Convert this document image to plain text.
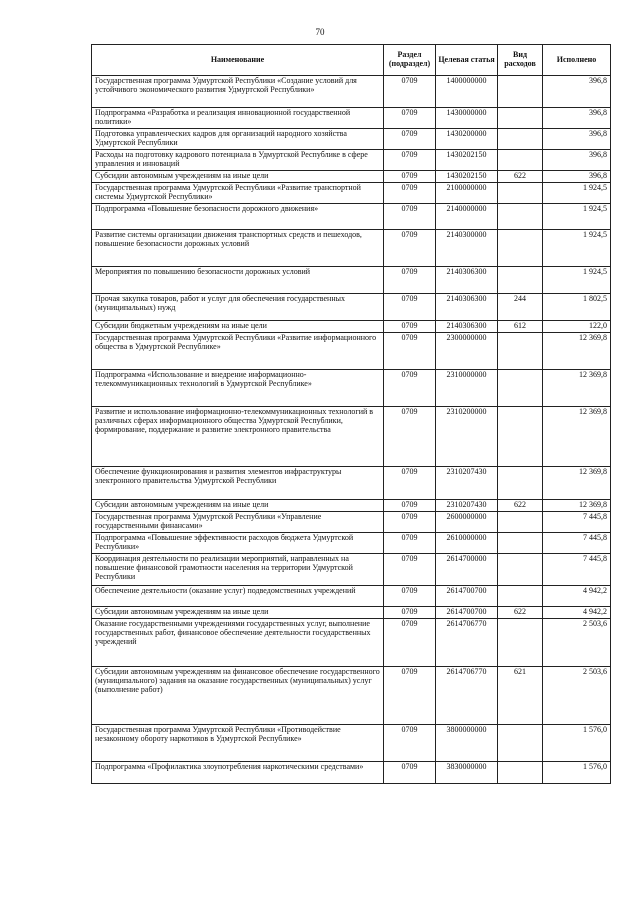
70
Наименование	Раздел (подраздел)	Целевая статья	Вид расходов	Исполнено
Государственная программа Удмуртской Республики «Создание условий для устойчивого экономического развития Удмуртской Республики»	0709	1400000000		396,8
Подпрограмма «Разработка и реализация инновационной государственной политики»	0709	1430000000		396,8
Подготовка управленческих кадров для организаций народного хозяйства Удмуртской Республики	0709	1430200000		396,8
Расходы на подготовку кадрового потенциала в Удмуртской Республике в сфере управления и инноваций	0709	1430202150		396,8
Субсидии автономным учреждениям на иные цели	0709	1430202150	622	396,8
Государственная программа Удмуртской Республики «Развитие транспортной системы Удмуртской Республики»	0709	2100000000		1 924,5
Подпрограмма «Повышение безопасности дорожного движения»	0709	2140000000		1 924,5
Развитие системы организации движения транспортных средств и пешеходов, повышение безопасности дорожных условий	0709	2140300000		1 924,5
Мероприятия по повышению безопасности дорожных условий	0709	2140306300		1 924,5
Прочая закупка товаров, работ и услуг для обеспечения государственных (муниципальных) нужд	0709	2140306300	244	1 802,5
Субсидии бюджетным учреждениям на иные цели	0709	2140306300	612	122,0
Государственная программа Удмуртской Республики «Развитие информационного общества в Удмуртской Республике»	0709	2300000000		12 369,8
Подпрограмма «Использование и внедрение информационно-телекоммуникационных технологий в Удмуртской Республике»	0709	2310000000		12 369,8
Развитие и использование информационно-телекоммуникационных технологий в различных сферах информационного общества Удмуртской Республики, формирование, поддержание и развитие электронного правительства	0709	2310200000		12 369,8
Обеспечение функционирования и развития элементов инфраструктуры электронного правительства Удмуртской Республики	0709	2310207430		12 369,8
Субсидии автономным учреждениям на иные цели	0709	2310207430	622	12 369,8
Государственная программа Удмуртской Республики «Управление государственными финансами»	0709	2600000000		7 445,8
Подпрограмма «Повышение эффективности расходов бюджета Удмуртской Республики»	0709	2610000000		7 445,8
Координация деятельности по реализации мероприятий, направленных на повышение финансовой грамотности населения на территории Удмуртской Республики	0709	2614700000		7 445,8
Обеспечение деятельности (оказание услуг) подведомственных учреждений	0709	2614700700		4 942,2
Субсидии автономным учреждениям на иные цели	0709	2614700700	622	4 942,2
Оказание государственными учреждениями государственных услуг, выполнение государственных работ, финансовое обеспечение деятельности государственных учреждений	0709	2614706770		2 503,6
Субсидии автономным учреждениям на финансовое обеспечение государственного (муниципального) задания на оказание государственных (муниципальных) услуг (выполнение работ)	0709	2614706770	621	2 503,6
Государственная программа Удмуртской Республики «Противодействие незаконному обороту наркотиков в Удмуртской Республике»	0709	3800000000		1 576,0
Подпрограмма «Профилактика злоупотребления наркотическими средствами»	0709	3830000000		1 576,0
